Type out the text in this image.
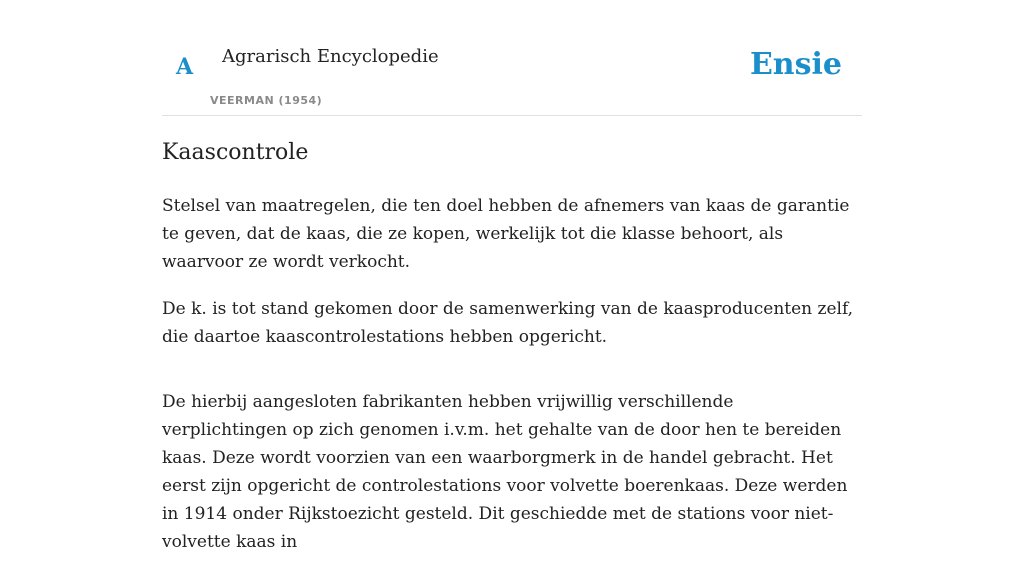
A Agrarisch Encyclopedie
VEERMAN (1954)
Ensie
Kaascontrole

Stelsel van maatregelen, die ten doel hebben de afnemers van kaas de garantie te geven, dat de kaas, die ze kopen, werkelijk tot die klasse behoort, als waarvoor ze wordt verkocht.

De k. is tot stand gekomen door de samenwerking van de kaasproducenten zelf, die daartoe kaascontrolestations hebben opgericht.

De hierbij aangesloten fabrikanten hebben vrijwillig verschillende verplichtingen op zich genomen i.v.m. het gehalte van de door hen te bereiden kaas. Deze wordt voorzien van een waarborgmerk in de handel gebracht. Het eerst zijn opgericht de controlestations voor volvette boerenkaas. Deze werden in 1914 onder Rijkstoezicht gesteld. Dit geschiedde met de stations voor niet-volvette kaas in
